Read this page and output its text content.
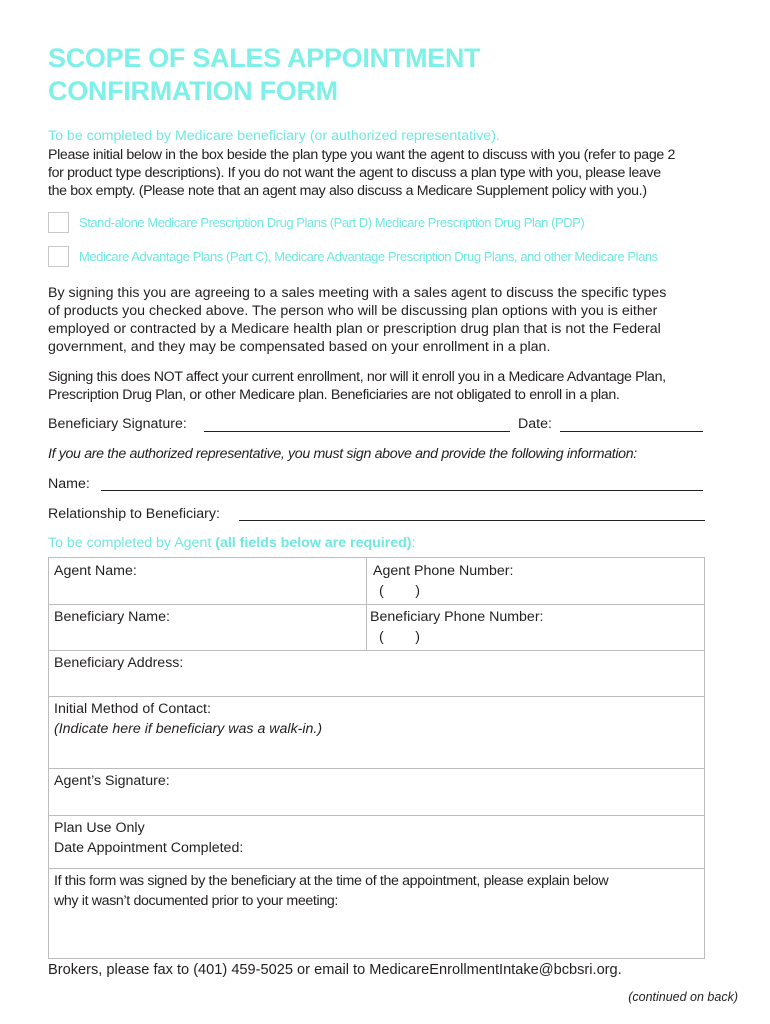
SCOPE OF SALES APPOINTMENT
CONFIRMATION FORM
To be completed by Medicare beneficiary (or authorized representative).
Please initial below in the box beside the plan type you want the agent to discuss with you (refer to page 2
for product type descriptions). If you do not want the agent to discuss a plan type with you, please leave
the box empty. (Please note that an agent may also discuss a Medicare Supplement policy with you.)
Stand-alone Medicare Prescription Drug Plans (Part D) Medicare Prescription Drug Plan (PDP)
Medicare Advantage Plans (Part C), Medicare Advantage Prescription Drug Plans, and other Medicare Plans
By signing this you are agreeing to a sales meeting with a sales agent to discuss the specific types
of products you checked above. The person who will be discussing plan options with you is either
employed or contracted by a Medicare health plan or prescription drug plan that is not the Federal
government, and they may be compensated based on your enrollment in a plan.
Signing this does NOT affect your current enrollment, nor will it enroll you in a Medicare Advantage Plan,
Prescription Drug Plan, or other Medicare plan. Beneficiaries are not obligated to enroll in a plan.
Beneficiary Signature:	Date:
If you are the authorized representative, you must sign above and provide the following information:
Name:
Relationship to Beneficiary:
To be completed by Agent (all fields below are required):
Agent Name:	Agent Phone Number:
(        )
Beneficiary Name:	Beneficiary Phone Number:
(        )
Beneficiary Address:
Initial Method of Contact:
(Indicate here if beneficiary was a walk-in.)
Agent’s Signature:
Plan Use Only
Date Appointment Completed:
If this form was signed by the beneficiary at the time of the appointment, please explain below
why it wasn’t documented prior to your meeting:
Brokers, please fax to (401) 459-5025 or email to MedicareEnrollmentIntake@bcbsri.org.
(continued on back)
